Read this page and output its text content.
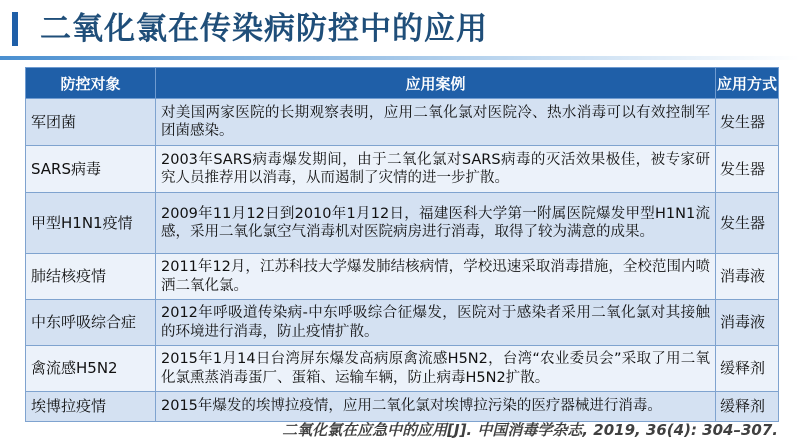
二氧化氯在传染病防控中的应用
防控对象	应用案例	应用方式
军团菌	对美国两家医院的长期观察表明，应用二氧化氯对医院冷、热水消毒可以有效控制军团菌感染。	发生器
SARS病毒	2003年SARS病毒爆发期间，由于二氧化氯对SARS病毒的灭活效果极佳，被专家研究人员推荐用以消毒，从而遏制了灾情的进一步扩散。	发生器
甲型H1N1疫情	2009年11月12日到2010年1月12日，福建医科大学第一附属医院爆发甲型H1N1流感，采用二氧化氯空气消毒机对医院病房进行消毒，取得了较为满意的成果。	发生器
肺结核疫情	2011年12月，江苏科技大学爆发肺结核病情，学校迅速采取消毒措施，全校范围内喷洒二氧化氯。	消毒液
中东呼吸综合症	2012年呼吸道传染病-中东呼吸综合征爆发，医院对于感染者采用二氧化氯对其接触的环境进行消毒，防止疫情扩散。	消毒液
禽流感H5N2	2015年1月14日台湾屏东爆发高病原禽流感H5N2，台湾“农业委员会”采取了用二氧化氯熏蒸消毒蛋厂、蛋箱、运输车辆，防止病毒H5N2扩散。	缓释剂
埃博拉疫情	2015年爆发的埃博拉疫情，应用二氧化氯对埃博拉污染的医疗器械进行消毒。	缓释剂
二氧化氯在应急中的应用[J]. 中国消毒学杂志, 2019, 36(4): 304–307.
